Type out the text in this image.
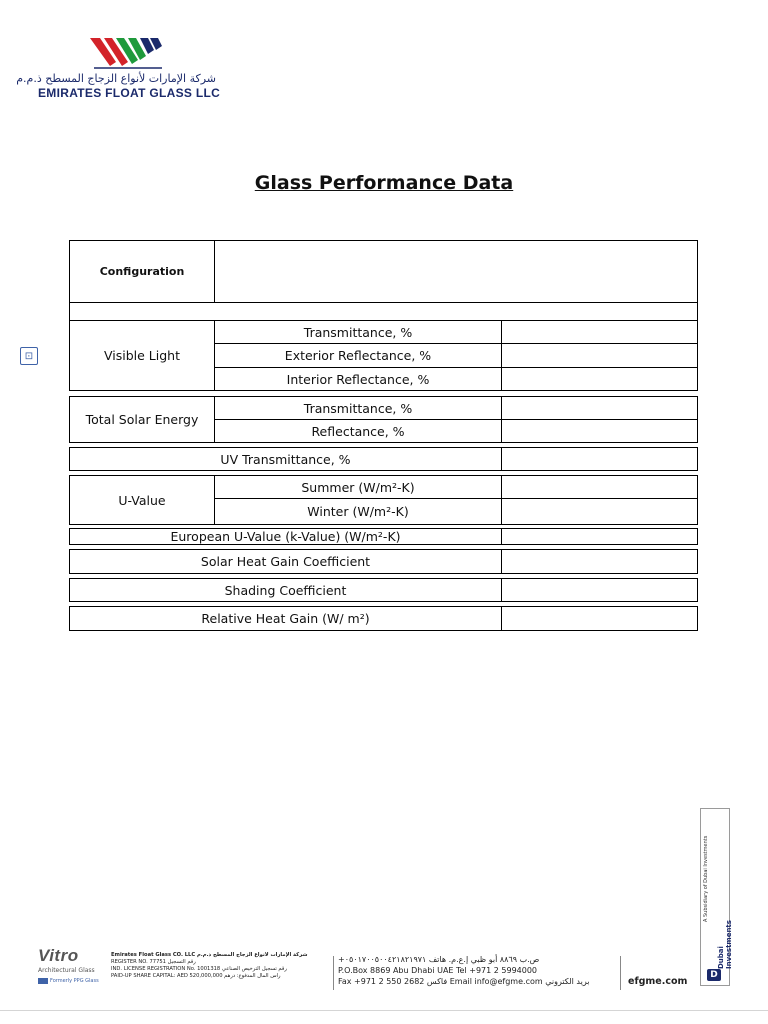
شركة الإمارات لأنواع الزجاج المسطح ذ.م.م
EMIRATES FLOAT GLASS LLC
Glass Performance Data
⊡
Configuration
Visible Light
Transmittance, %
Exterior Reflectance, %
Interior Reflectance, %
Total Solar Energy
Transmittance, %
Reflectance, %
UV Transmittance, %
U-Value
Summer (W/m²-K)
Winter (W/m²-K)
European U-Value (k-Value) (W/m²-K)
Solar Heat Gain Coefficient
Shading Coefficient
Relative Heat Gain (W/ m²)
A Subsidiary of Dubai Investments
Dubai Investments
D
Vitro
Architectural Glass
Formerly PPG Glass
Emirates Float Glass CO. LLC شركة الإمارات لأنواع الزجاج المسطح ذ.م.م
REGISTER NO. 77751 رقم التسجيل
IND. LICENSE REGISTRATION No. 1001318 رقم تسجيل الترخيص الصناعي
PAID-UP SHARE CAPITAL: AED 520,000,000 رأس المال المدفوع: درهم
ص.ب ٨٨٦٩ أبو ظبي إ.ع.م. هاتف ٠٥٠١٧٠٠٥٠٠٤٢١٨٢١٩٧١+
P.O.Box 8869 Abu Dhabi UAE Tel +971 2 5994000
Fax +971 2 550 2682 فاكس Email info@efgme.com بريد الكتروني	efgme.com
